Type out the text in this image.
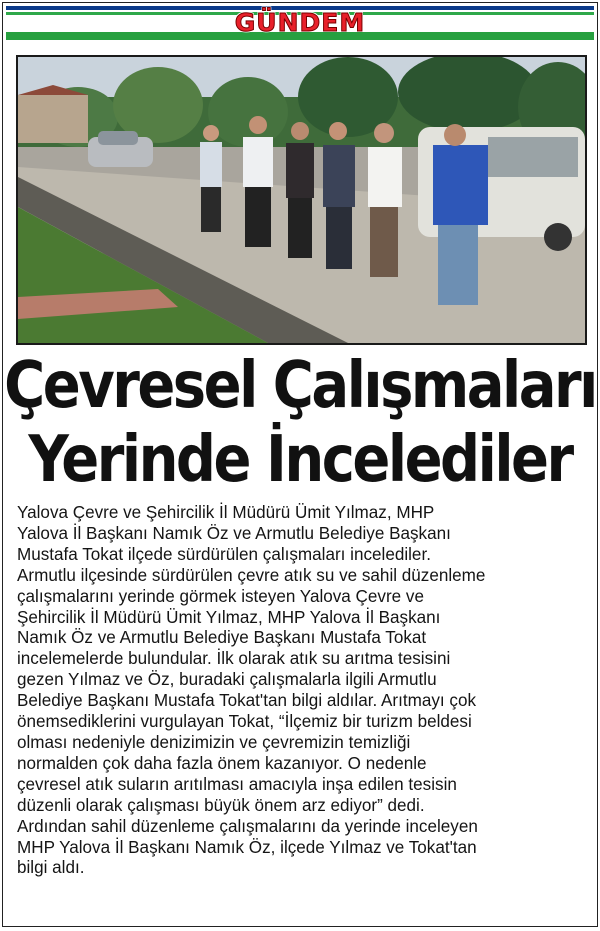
GÜNDEM
Çevresel Çalışmaları
Yerinde İncelediler
Yalova Çevre ve Şehircilik İl Müdürü Ümit Yılmaz, MHP
Yalova İl Başkanı Namık Öz ve Armutlu Belediye Başkanı
Mustafa Tokat ilçede sürdürülen çalışmaları incelediler.
Armutlu ilçesinde sürdürülen çevre atık su ve sahil düzenleme
çalışmalarını yerinde görmek isteyen Yalova Çevre ve
Şehircilik İl Müdürü Ümit Yılmaz, MHP Yalova İl Başkanı
Namık Öz ve Armutlu Belediye Başkanı Mustafa Tokat
incelemelerde bulundular. İlk olarak atık su arıtma tesisini
gezen Yılmaz ve Öz, buradaki çalışmalarla ilgili Armutlu
Belediye Başkanı Mustafa Tokat'tan bilgi aldılar. Arıtmayı çok
önemsediklerini vurgulayan Tokat, “İlçemiz bir turizm beldesi
olması nedeniyle denizimizin ve çevremizin temizliği
normalden çok daha fazla önem kazanıyor. O nedenle
çevresel atık suların arıtılması amacıyla inşa edilen tesisin
düzenli olarak çalışması büyük önem arz ediyor” dedi.
Ardından sahil düzenleme çalışmalarını da yerinde inceleyen
MHP Yalova İl Başkanı Namık Öz, ilçede Yılmaz ve Tokat'tan
bilgi aldı.
